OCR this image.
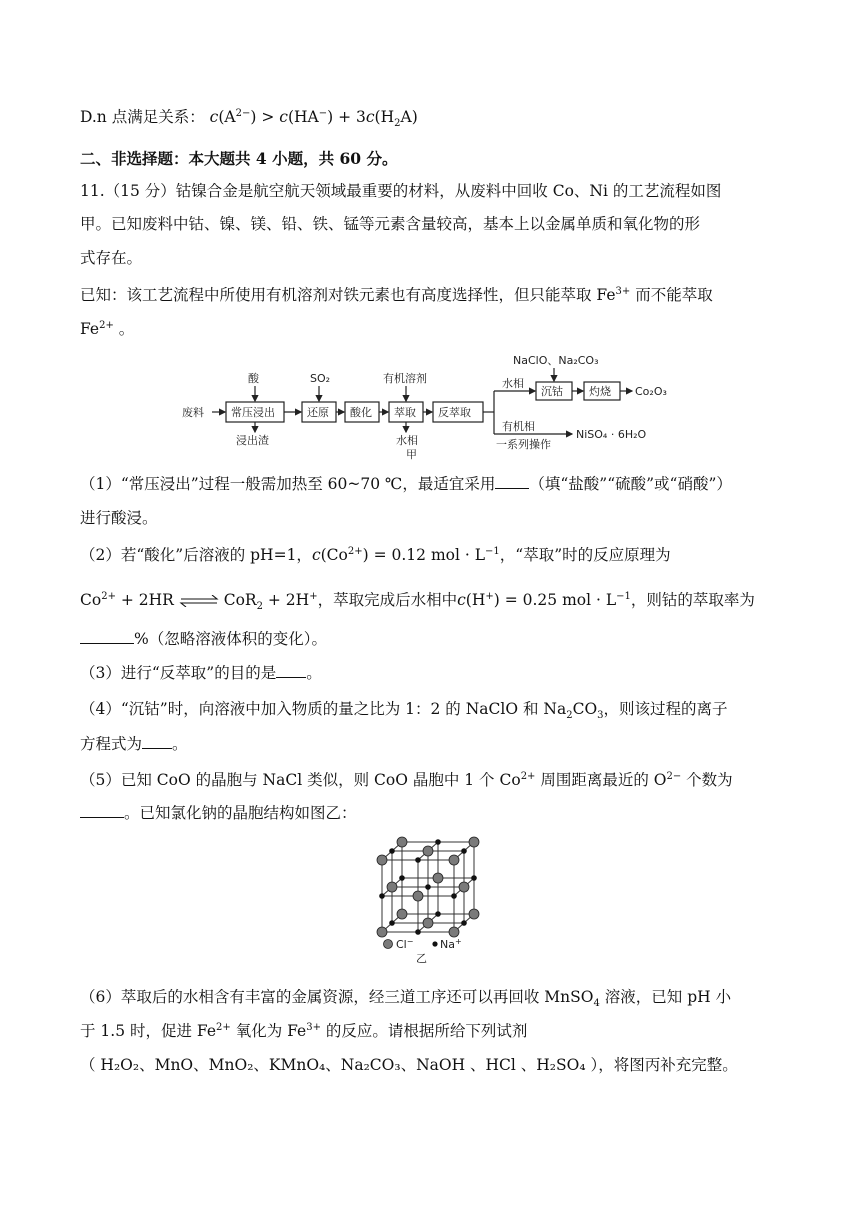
D.n 点满足关系： $c(A^{2-}) > c(HA^-) + 3c(H_2A)$
二、非选择题：本大题共 4 小题，共 60 分。
11.（15 分）钴镍合金是航空航天领域最重要的材料，从废料中回收 Co、Ni 的工艺流程如图
甲。已知废料中钴、镍、镁、铅、铁、锰等元素含量较高，基本上以金属单质和氧化物的形
式存在。
已知：该工艺流程中所使用有机溶剂对铁元素也有高度选择性，但只能萃取 $Fe^{3+}$ 而不能萃取
$Fe^{2+}$ 。
废料
酸
常压浸出
浸出渣
SO₂
还原 酸化
有机溶剂
萃取
水相
反萃取
甲
水相
NaClO、Na₂CO₃
沉钴 灼烧 Co₂O₃
有机相
一系列操作
NiSO₄ · 6H₂O
（1）“常压浸出”过程一般需加热至 60~70 ℃，最适宜采用 （填“盐酸”“硫酸”或“硝酸”）
进行酸浸。
（2）若“酸化”后溶液的 pH=1，$c(Co^{2+}) = 0.12$ mol · $L^{-1}$，“萃取”时的反应原理为
$Co^{2+} + 2HR$ ⇌ CoR$_2$ + 2H+，萃取完成后水相中c(H+) = 0.25 mol · $L^{-1}$，则钴的萃取率为
%（忽略溶液体积的变化）。
（3）进行“反萃取”的目的是 。
（4）“沉钴”时，向溶液中加入物质的量之比为 1：2 的 NaClO 和 $Na_2CO_3$，则该过程的离子
方程式为 。
（5）已知 CoO 的晶胞与 NaCl 类似，则 CoO 晶胞中 1 个 $Co^{2+}$ 周围距离最近的 $O^{2-}$ 个数为
。已知氯化钠的晶胞结构如图乙：
Cl− Na+
乙
（6）萃取后的水相含有丰富的金属资源，经三道工序还可以再回收 MnSO$_4$ 溶液，已知 pH 小
于 1.5 时，促进 $Fe^{2+}$ 氧化为 $Fe^{3+}$ 的反应。请根据所给下列试剂
（ H₂O₂、MnO、MnO₂、KMnO₄、Na₂CO₃、NaOH 、HCl 、H₂SO₄ ），将图丙补充完整。
